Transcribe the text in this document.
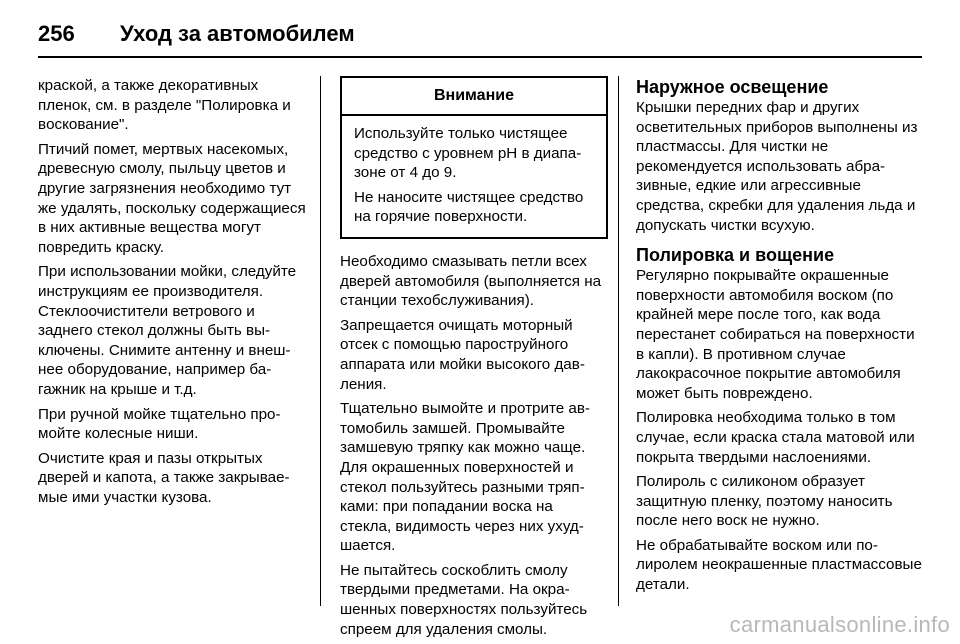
256	Уход за автомобилем

краской, а также декоративных пленок, см. в разделе "Полировка и вoскование".

Птичий помет, мертвых насекомых, древесную смолу, пыльцу цветов и другие загрязнения необходимо тут же удалять, поскольку содержащиеся в них активные вещества могут повредить краску.

При использовании мойки, следуйте инструкциям ее производителя. Стеклоочистители ветрового и заднего стекол должны быть выключены. Снимите антенну и внешнее оборудование, например багажник на крыше и т.д.

При ручной мойке тщательно промойте колесные ниши.

Очистите края и пазы открытых дверей и капота, а также закрываемые ими участки кузова.

Внимание

Используйте только чистящее средство с уровнем pH в диапазоне от 4 до 9.

Не наносите чистящее средство на горячие поверхности.

Необходимо смазывать петли всех дверей автомобиля (выполняется на станции техобслуживания).

Запрещается очищать моторный отсек с помощью пароструйного аппарата или мойки высокого давления.

Тщательно вымойте и протрите автомобиль замшей. Промывайте замшевую тряпку как можно чаще. Для окрашенных поверхностей и стекол пользуйтесь разными тряпками: при попадании воска на стекла, видимость через них ухудшается.

Не пытайтесь соскоблить смолу твердыми предметами. На окрашенных поверхностях пользуйтесь спреем для удаления смолы.

Наружное освещение

Крышки передних фар и других осветительных приборов выполнены из пластмассы. Для чистки не рекомендуется использовать абразивные, едкие или агрессивные средства, скребки для удаления льда и допускать чистки всухую.

Полировка и вощение

Регулярно покрывайте окрашенные поверхности автомобиля воском (по крайней мере после того, как вода перестанет собираться на поверхности в капли). В противном случае лакокрасочное покрытие автомобиля может быть повреждено.

Полировка необходима только в том случае, если краска стала матовой или покрыта твердыми наслоениями.

Полироль с силиконом образует защитную пленку, поэтому наносить после него воск не нужно.

Не обрабатывайте воском или полиролем неокрашенные пластмассовые детали.

carmanualsonline.info
